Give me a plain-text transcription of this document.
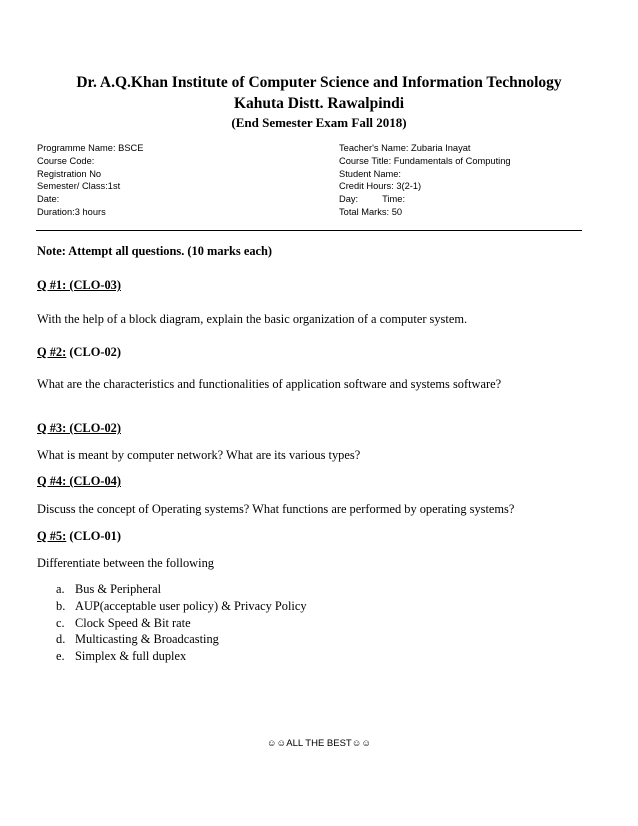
Dr. A.Q.Khan Institute of Computer Science and Information Technology
Kahuta Distt. Rawalpindi
(End Semester Exam Fall 2018)
Programme Name: BSCE
Course Code:
Registration No
Semester/ Class:1st
Date:
Duration:3 hours
Teacher's Name: Zubaria Inayat
Course Title: Fundamentals of Computing
Student Name:
Credit Hours: 3(2-1)
Day:	Time:
Total Marks: 50
Note: Attempt all questions. (10 marks each)
Q #1: (CLO-03)
With the help of a block diagram, explain the basic organization of a computer system.
Q #2: (CLO-02)
What are the characteristics and functionalities of application software and systems software?
Q #3: (CLO-02)
What is meant by computer network? What are its various types?
Q #4: (CLO-04)
Discuss the concept of Operating systems? What functions are performed by operating systems?
Q #5: (CLO-01)
Differentiate between the following
a. Bus & Peripheral
b. AUP(acceptable user policy) & Privacy Policy
c. Clock Speed & Bit rate
d. Multicasting & Broadcasting
e. Simplex & full duplex
☺☺ALL THE BEST☺☺
